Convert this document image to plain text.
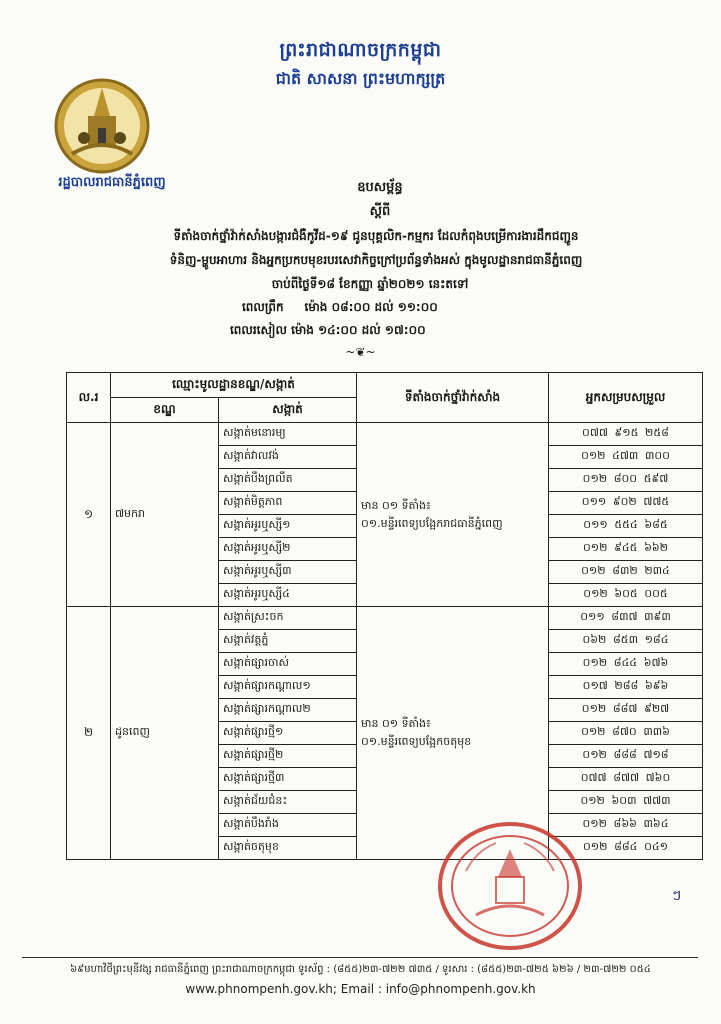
ព្រះរាជាណាចក្រកម្ពុជា
ជាតិ សាសនា ព្រះមហាក្សត្រ
រដ្ឋបាលរាជធានីភ្នំពេញ	ឧបសម្ព័ន្ធ
ស្តីពី
ទីតាំងចាក់ថ្នាំវ៉ាក់សាំងបង្ការជំងឺកូវីដ-១៩ ជូនបុគ្គលិក-កម្មករ ដែលកំពុងបម្រើការងារដឹកជញ្ជូន
ទំនិញ-ម្ហូបអាហារ និងអ្នកប្រកបមុខរបរសេវាកិច្ចក្រៅប្រព័ន្ធទាំងអស់ ក្នុងមូលដ្ឋានរាជធានីភ្នំពេញ
ចាប់ពីថ្ងៃទី១៨ ខែកញ្ញា ឆ្នាំ២០២១ នេះតទៅ
ពេលព្រឹក     ម៉ោង ០៨:០០ ដល់ ១១:០០
ពេលរសៀល ម៉ោង ១៤:០០ ដល់ ១៧:០០
~❦~
ល.រ	ឈ្មោះមូលដ្ឋានខណ្ឌ/សង្កាត់		ទីតាំងចាក់ថ្នាំវ៉ាក់សាំង	អ្នកសម្របសម្រួល
	ខណ្ឌ	សង្កាត់		
១	៧មករា	សង្កាត់មនោរម្យ	មាន ០១ ទីតាំង៖
០១.មន្ទីរពេទ្យបង្អែករាជធានីភ្នំពេញ	០៧៧ ៩១៥ ២៥៨
		សង្កាត់វាលវង់		០១២ ៤៧៣ ៣០០
		សង្កាត់បឹងព្រលឹត		០១២ ៨០០ ៥៩៧
		សង្កាត់មិត្តភាព		០១១ ៩០២ ៧៧៥
		សង្កាត់អូរឬស្សី១		០១១ ៥៥៤ ៦៨៥
		សង្កាត់អូរឬស្សី២		០១២ ៩៤៥ ៦៦២
		សង្កាត់អូរឬស្សី៣		០១២ ៨៣២ ២៣៤
		សង្កាត់អូរឬស្សី៤		០១២ ៦០៥ ០០៥
២	ដូនពេញ	សង្កាត់ស្រះចក	មាន ០១ ទីតាំង៖
០១.មន្ទីរពេទ្យបង្អែកចតុមុខ	០១១ ៨៣៧ ៣៩៣
		សង្កាត់វត្តភ្នំ		០៦២ ៨៥៣ ១៨៤
		សង្កាត់ផ្សារចាស់		០១២ ៨៤៤ ៦៧៦
		សង្កាត់ផ្សារកណ្ដាល១		០១៧ ២៨៨ ៦៩៦
		សង្កាត់ផ្សារកណ្ដាល២		០១២ ៨៨៧ ៩២៧
		សង្កាត់ផ្សារថ្មី១		០១២ ៨៧០ ៣៣៦
		សង្កាត់ផ្សារថ្មី២		០១២ ៨៨៨ ៧១៨
		សង្កាត់ផ្សារថ្មី៣		០៧៧ ៨៧៧ ៧៦០
		សង្កាត់ជ័យជំនះ		០១២ ៦០៣ ៧៧៣
		សង្កាត់បឹងរាំង		០១២ ៨៦៦ ៣៦៤
		សង្កាត់ចតុមុខ		០១២ ៨៨៤ ០៤១
ៗ
៦៩មហាវិថីព្រះមុនីវង្ស រាជធានីភ្នំពេញ ព្រះរាជាណាចក្រកម្ពុជា ទូរស័ព្ទ : (៨៥៥)២៣-៧២២ ៧៣៥ / ទូរសារ : (៨៥៥)២៣-៧២៥ ៦២៦ / ២៣-៧២២ ០៥៤
www.phnompenh.gov.kh; Email : info@phnompenh.gov.kh
